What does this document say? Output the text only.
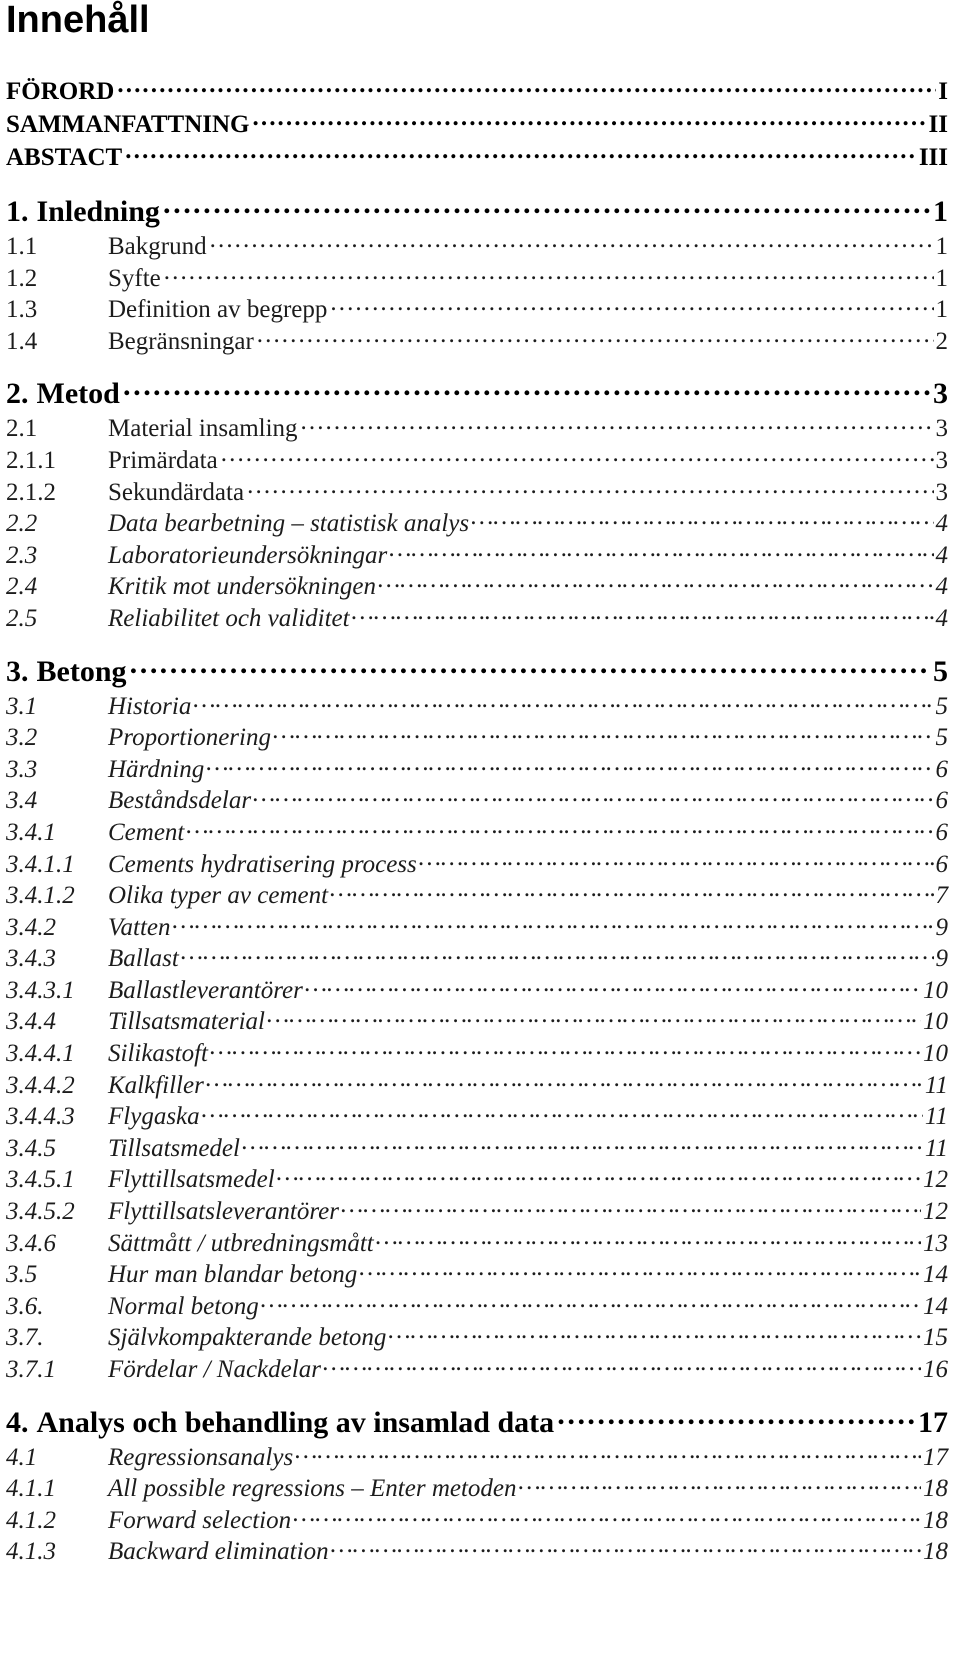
Innehåll
FÖRORD …………………………………………………………………………………………………………………………………………………………………………………	I
SAMMANFATTNING …………………………………………………………………………………………………………………………………………………………………………………	II
ABSTACT …………………………………………………………………………………………………………………………………………………………………………………	III
1. Inledning …………………………………………………………………………………………………………………………………………………………………………………	1
1.1	Bakgrund …………………………………………………………………………………………………………………………………………………………………………………	1
1.2	Syfte …………………………………………………………………………………………………………………………………………………………………………………	1
1.3	Definition av begrepp …………………………………………………………………………………………………………………………………………………………………………………	1
1.4	Begränsningar …………………………………………………………………………………………………………………………………………………………………………………	2
2. Metod …………………………………………………………………………………………………………………………………………………………………………………	3
2.1	Material insamling …………………………………………………………………………………………………………………………………………………………………………………	3
2.1.1	Primärdata …………………………………………………………………………………………………………………………………………………………………………………	3
2.1.2	Sekundärdata …………………………………………………………………………………………………………………………………………………………………………………	3
2.2	Data bearbetning – statistisk analys …………………………………………………………………………………………………………………………………………………………………………………	4
2.3	Laboratorieundersökningar …………………………………………………………………………………………………………………………………………………………………………………	4
2.4	Kritik mot undersökningen …………………………………………………………………………………………………………………………………………………………………………………	4
2.5	Reliabilitet och validitet …………………………………………………………………………………………………………………………………………………………………………………	4
3. Betong …………………………………………………………………………………………………………………………………………………………………………………	5
3.1	Historia …………………………………………………………………………………………………………………………………………………………………………………	5
3.2	Proportionering …………………………………………………………………………………………………………………………………………………………………………………	5
3.3	Härdning …………………………………………………………………………………………………………………………………………………………………………………	6
3.4	Beståndsdelar …………………………………………………………………………………………………………………………………………………………………………………	6
3.4.1	Cement …………………………………………………………………………………………………………………………………………………………………………………	6
3.4.1.1	Cements hydratisering process …………………………………………………………………………………………………………………………………………………………………………………	6
3.4.1.2	Olika typer av cement …………………………………………………………………………………………………………………………………………………………………………………	7
3.4.2	Vatten …………………………………………………………………………………………………………………………………………………………………………………	9
3.4.3	Ballast …………………………………………………………………………………………………………………………………………………………………………………	9
3.4.3.1	Ballastleverantörer …………………………………………………………………………………………………………………………………………………………………………………	10
3.4.4	Tillsatsmaterial …………………………………………………………………………………………………………………………………………………………………………………	10
3.4.4.1	Silikastoft …………………………………………………………………………………………………………………………………………………………………………………	10
3.4.4.2	Kalkfiller …………………………………………………………………………………………………………………………………………………………………………………	11
3.4.4.3	Flygaska …………………………………………………………………………………………………………………………………………………………………………………	11
3.4.5	Tillsatsmedel …………………………………………………………………………………………………………………………………………………………………………………	11
3.4.5.1	Flyttillsatsmedel …………………………………………………………………………………………………………………………………………………………………………………	12
3.4.5.2	Flyttillsatsleverantörer …………………………………………………………………………………………………………………………………………………………………………………	12
3.4.6	Sättmått / utbredningsmått …………………………………………………………………………………………………………………………………………………………………………………	13
3.5	Hur man blandar betong …………………………………………………………………………………………………………………………………………………………………………………	14
3.6.	Normal betong …………………………………………………………………………………………………………………………………………………………………………………	14
3.7.	Självkompakterande betong …………………………………………………………………………………………………………………………………………………………………………………	15
3.7.1	Fördelar / Nackdelar …………………………………………………………………………………………………………………………………………………………………………………	16
4. Analys och behandling av insamlad data …………………………………………………………………………………………………………………………………………………………………………………	17
4.1	Regressionsanalys …………………………………………………………………………………………………………………………………………………………………………………	17
4.1.1	All possible regressions – Enter metoden …………………………………………………………………………………………………………………………………………………………………………………	18
4.1.2	Forward selection …………………………………………………………………………………………………………………………………………………………………………………	18
4.1.3	Backward elimination …………………………………………………………………………………………………………………………………………………………………………………	18
